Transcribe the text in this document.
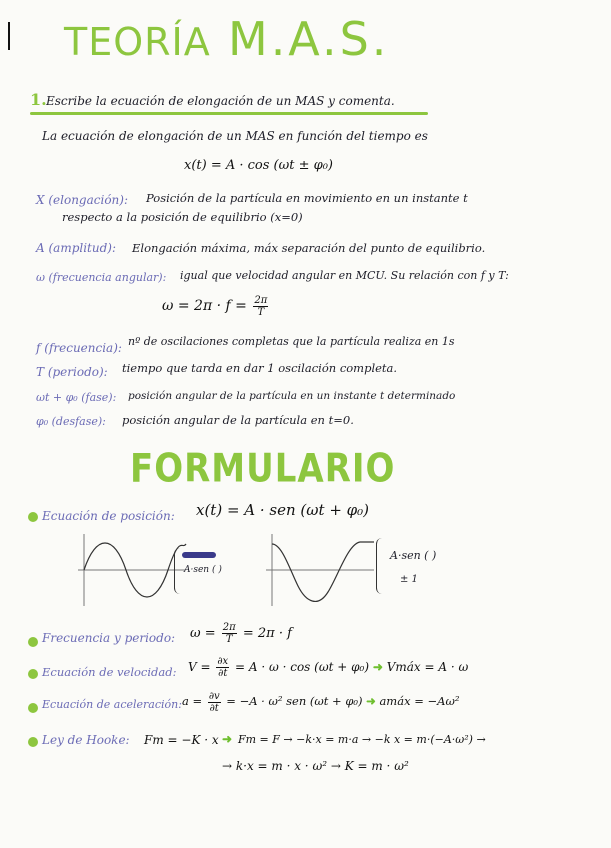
TEORÍA M.A.S.
1. Escribe la ecuación de elongación de un MAS y comenta.
La ecuación de elongación de un MAS en función del tiempo es
x(t) = A · cos (ωt ± φ₀)
X (elongación): Posición de la partícula en movimiento en un instante t
respecto a la posición de equilibrio (x=0)
A (amplitud): Elongación máxima, máx separación del punto de equilibrio.
ω (frecuencia angular): igual que velocidad angular en MCU. Su relación con f y T:
$\omega = 2\pi \cdot f = \frac{2\pi}{T}$
f (frecuencia): nº de oscilaciones completas que la partícula realiza en 1s
T (periodo): tiempo que tarda en dar 1 oscilación completa.
ωt + φ₀ (fase): posición angular de la partícula en un instante t determinado
φ₀ (desfase): posición angular de la partícula en t=0.
FORMULARIO
Ecuación de posición: x(t) = A · sen (ωt + φ₀)
A·sen ( )
A·sen ( )
± 1
Frecuencia y periodo: $\omega = \frac{2\pi}{T} = 2\pi \cdot f$
Ecuación de velocidad: $V = \frac{\partial x}{\partial t} = A \cdot \omega \cdot \cos (\omega t + \varphi_0)$ ➜ Vmáx = A · ω
Ecuación de aceleración: $a = \frac{\partial v}{\partial t} = -A \cdot \omega^2$ sen (ωt + φ₀) ➜ amáx = −Aω²
Ley de Hooke: Fm = −K · x ➜ Fm = F → −k·x = m·a → −k x = m·(−A·ω²) →
→ k·x = m · x · ω² → K = m · ω²
